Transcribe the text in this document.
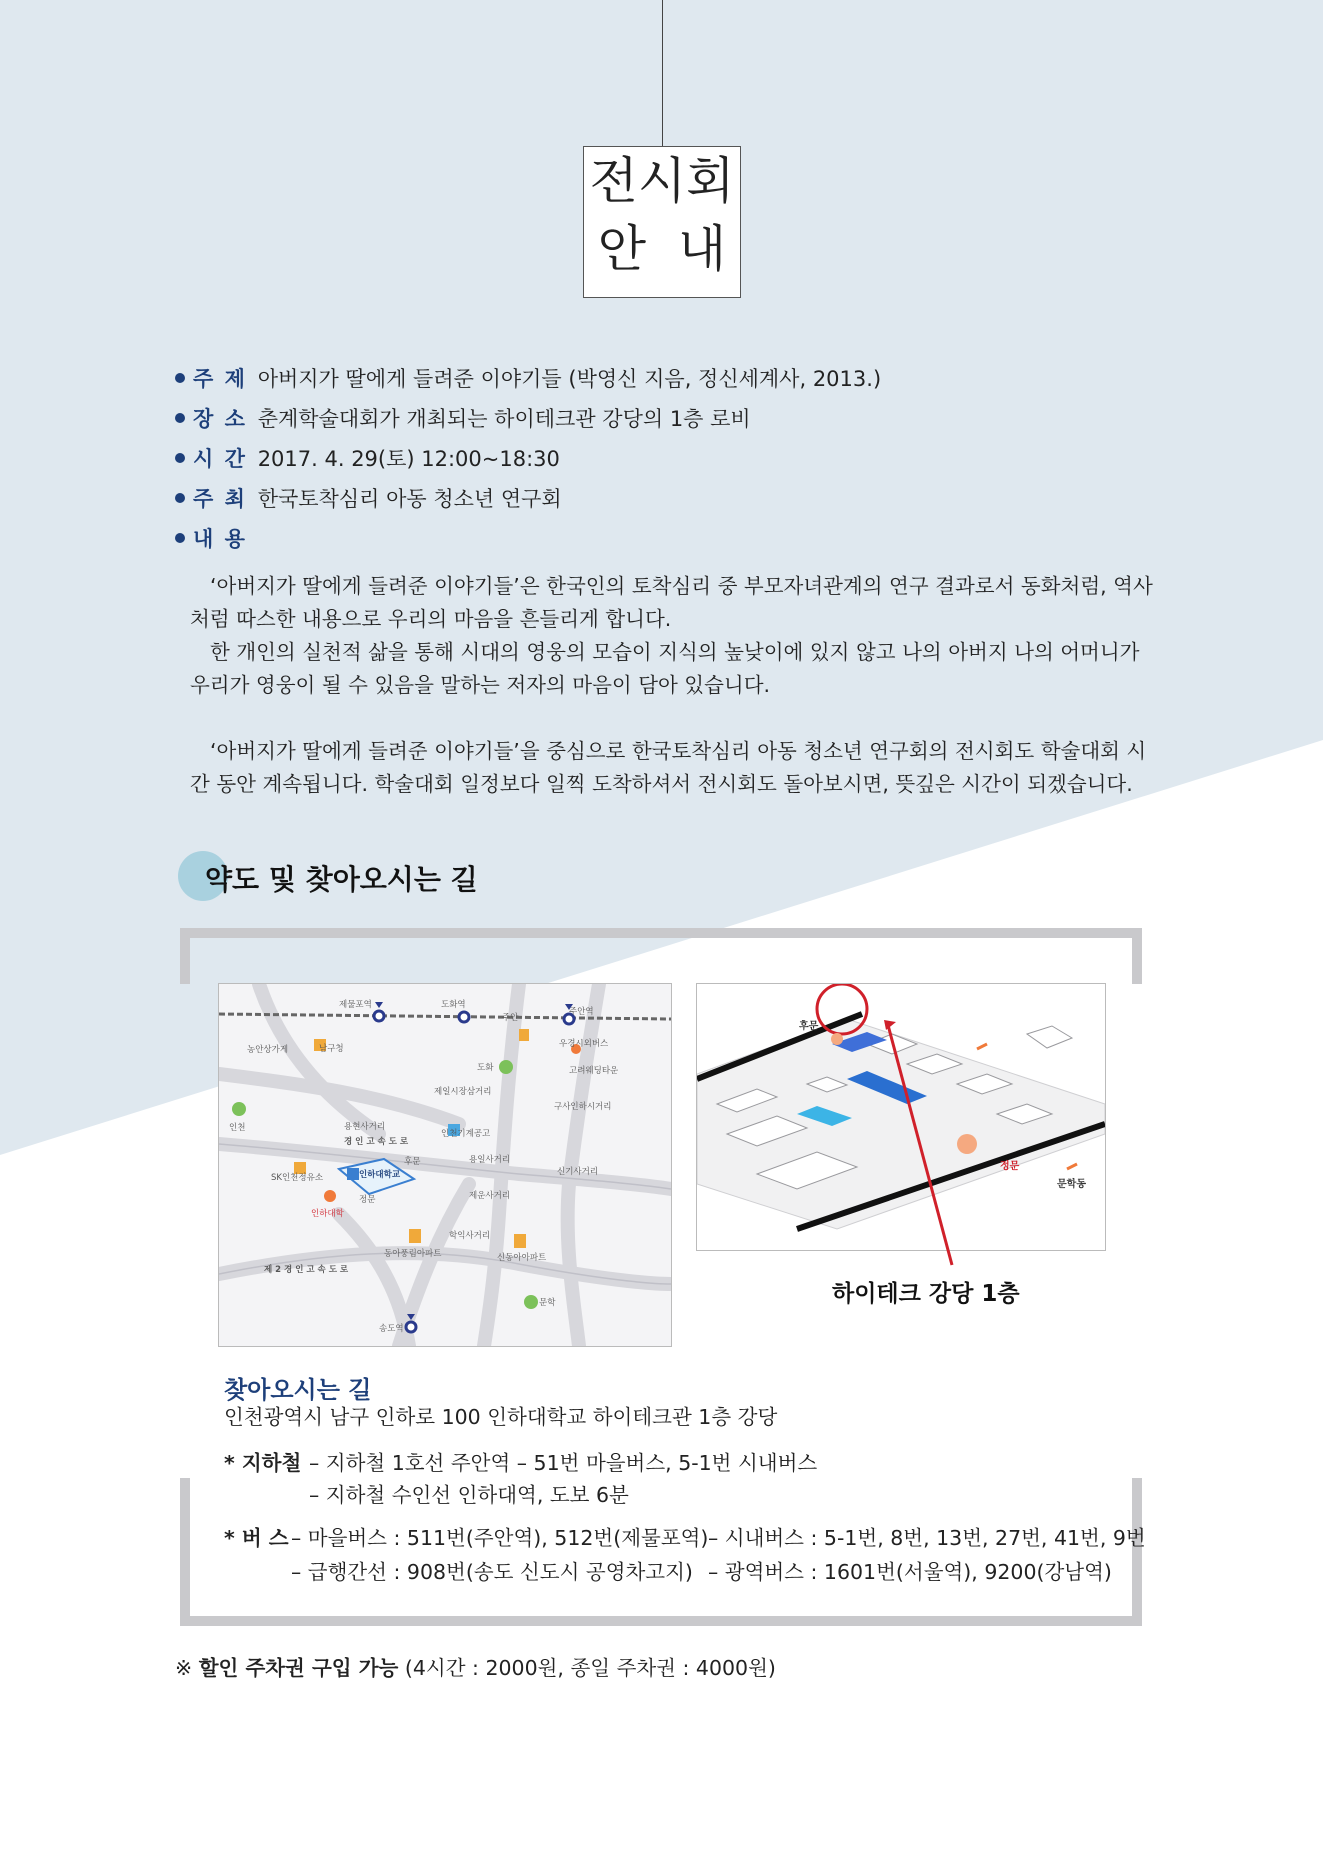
전시회
안  내
주 제 아버지가 딸에게 들려준 이야기들 (박영신 지음, 정신세계사, 2013.)
장 소 춘계학술대회가 개최되는 하이테크관 강당의 1층 로비
시 간 2017. 4. 29(토) 12:00~18:30
주 최 한국토착심리 아동 청소년 연구회
내 용

‘아버지가 딸에게 들려준 이야기들’은 한국인의 토착심리 중 부모자녀관계의 연구 결과로서 동화처럼, 역사처럼 따스한 내용으로 우리의 마음을 흔들리게 합니다.

한 개인의 실천적 삶을 통해 시대의 영웅의 모습이 지식의 높낮이에 있지 않고 나의 아버지 나의 어머니가 우리가 영웅이 될 수 있음을 말하는 저자의 마음이 담아 있습니다.

‘아버지가 딸에게 들려준 이야기들’을 중심으로 한국토착심리 아동 청소년 연구회의 전시회도 학술대회 시간 동안 계속됩니다. 학술대회 일정보다 일찍 도착하셔서 전시회도 돌아보시면, 뜻깊은 시간이 되겠습니다.

약도 및 찾아오시는 길
제물포역	도화역
주안역
주안
농안상가게	남구청
도화
우경시외버스
고려웨딩타운
제일시장삼거리
인천
구사인하시거리
용현사거리
경 인 고 속 도 로
인천기계공고
후문
SK인천정유소	인하대학교
정문
용일사거리
신기사거리
제운사거리
인하대학
학익사거리
동아풍림아파트	신동아아파트
제 2 경 인 고 속 도 로
문학
송도역
후문
정문
문학동
하이테크 강당 1층
찾아오시는 길
인천광역시 남구 인하로 100 인하대학교 하이테크관 1층 강당
* 지하철 – 지하철 1호선 주안역 – 51번 마을버스, 5-1번 시내버스
– 지하철 수인선 인하대역, 도보 6분
* 버 스 – 마을버스 : 511번(주안역), 512번(제물포역) – 시내버스 : 5-1번, 8번, 13번, 27번, 41번, 9번
– 급행간선 : 908번(송도 신도시 공영차고지) – 광역버스 : 1601번(서울역), 9200(강남역)
※ 할인 주차권 구입 가능 (4시간 : 2000원, 종일 주차권 : 4000원)
